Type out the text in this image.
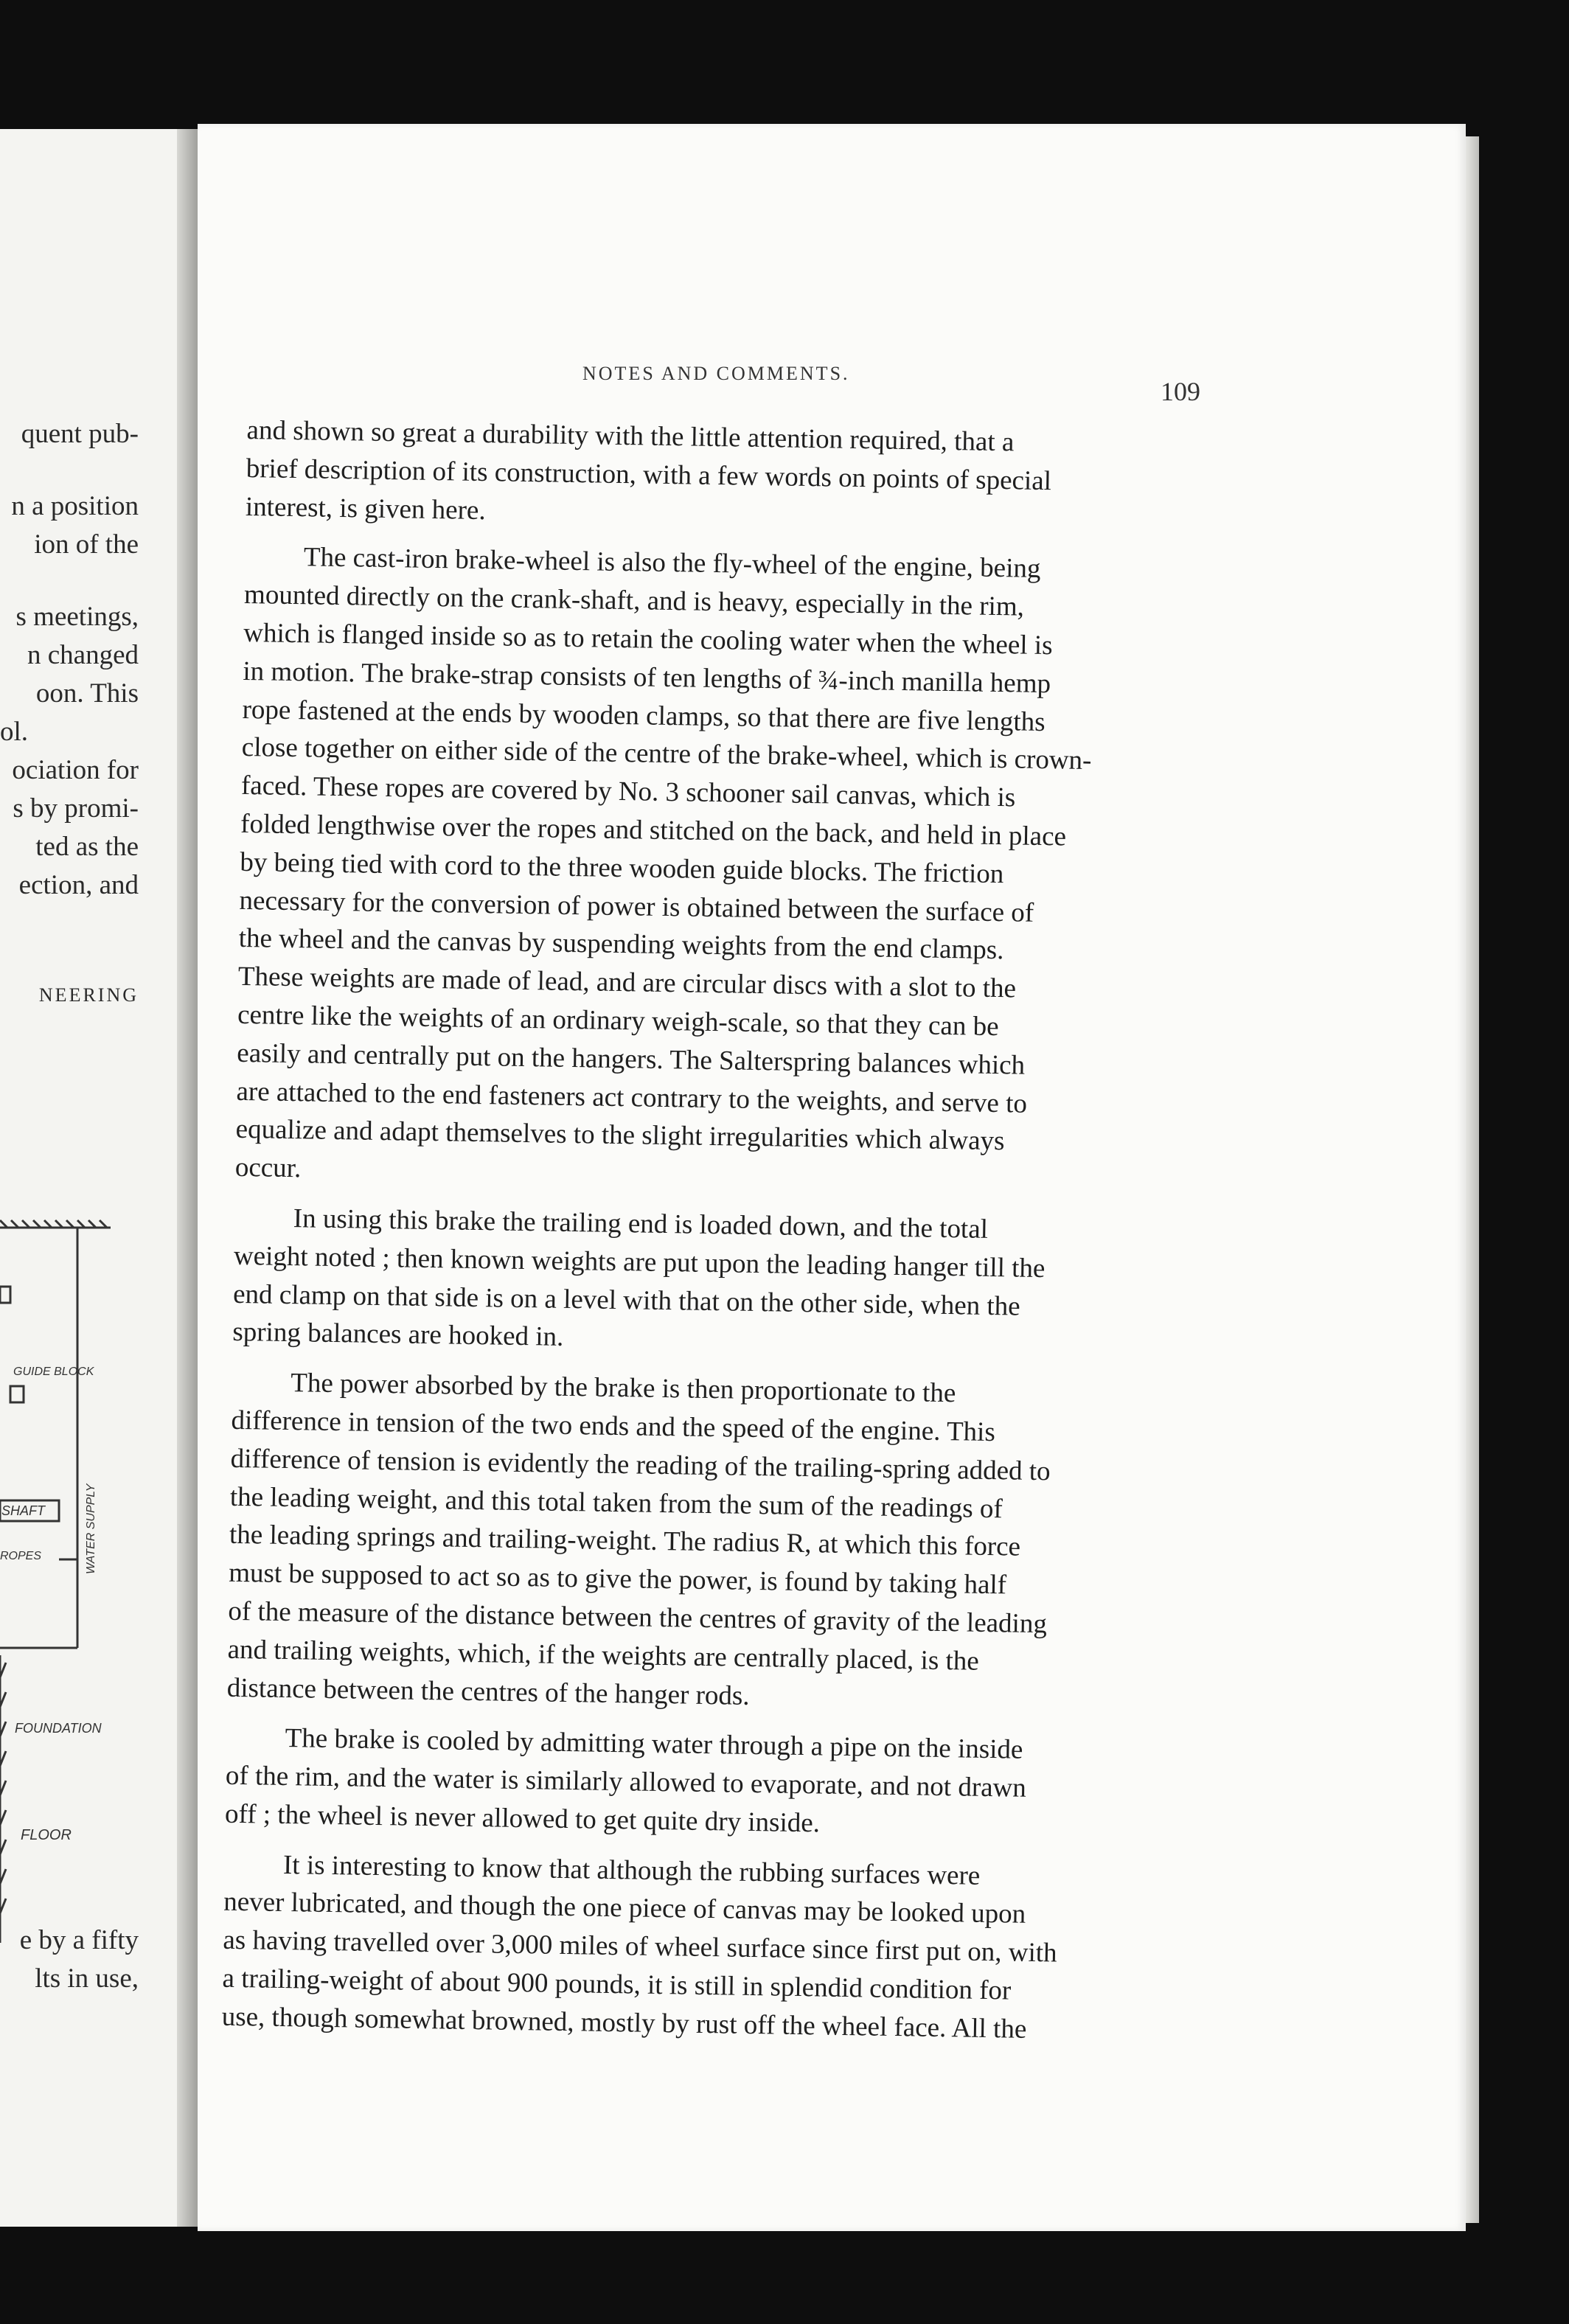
quent pub-
n a position
ion of the
s meetings,
n changed
oon. This
ol.
ociation for
s by promi-
ted as the
ection, and
NEERING
GUIDE BLOCK
SHAFT
ROPES	WATER SUPPLY
FOUNDATION
FLOOR
e by a fifty
lts in use,
NOTES AND COMMENTS.
109
and shown so great a durability with the little attention required, that a
brief description of its construction, with a few words on points of special
interest, is given here.
The cast-iron brake-wheel is also the fly-wheel of the engine, being
mounted directly on the crank-shaft, and is heavy, especially in the rim,
which is flanged inside so as to retain the cooling water when the wheel is
in motion. The brake-strap consists of ten lengths of ¾-inch manilla hemp
rope fastened at the ends by wooden clamps, so that there are five lengths
close together on either side of the centre of the brake-wheel, which is crown-
faced. These ropes are covered by No. 3 schooner sail canvas, which is
folded lengthwise over the ropes and stitched on the back, and held in place
by being tied with cord to the three wooden guide blocks. The friction
necessary for the conversion of power is obtained between the surface of
the wheel and the canvas by suspending weights from the end clamps.
These weights are made of lead, and are circular discs with a slot to the
centre like the weights of an ordinary weigh-scale, so that they can be
easily and centrally put on the hangers. The Salterspring balances which
are attached to the end fasteners act contrary to the weights, and serve to
equalize and adapt themselves to the slight irregularities which always
occur.
In using this brake the trailing end is loaded down, and the total
weight noted ; then known weights are put upon the leading hanger till the
end clamp on that side is on a level with that on the other side, when the
spring balances are hooked in.
The power absorbed by the brake is then proportionate to the
difference in tension of the two ends and the speed of the engine. This
difference of tension is evidently the reading of the trailing-spring added to
the leading weight, and this total taken from the sum of the readings of
the leading springs and trailing-weight. The radius R, at which this force
must be supposed to act so as to give the power, is found by taking half
of the measure of the distance between the centres of gravity of the leading
and trailing weights, which, if the weights are centrally placed, is the
distance between the centres of the hanger rods.
The brake is cooled by admitting water through a pipe on the inside
of the rim, and the water is similarly allowed to evaporate, and not drawn
off ; the wheel is never allowed to get quite dry inside.
It is interesting to know that although the rubbing surfaces were
never lubricated, and though the one piece of canvas may be looked upon
as having travelled over 3,000 miles of wheel surface since first put on, with
a trailing-weight of about 900 pounds, it is still in splendid condition for
use, though somewhat browned, mostly by rust off the wheel face. All the
